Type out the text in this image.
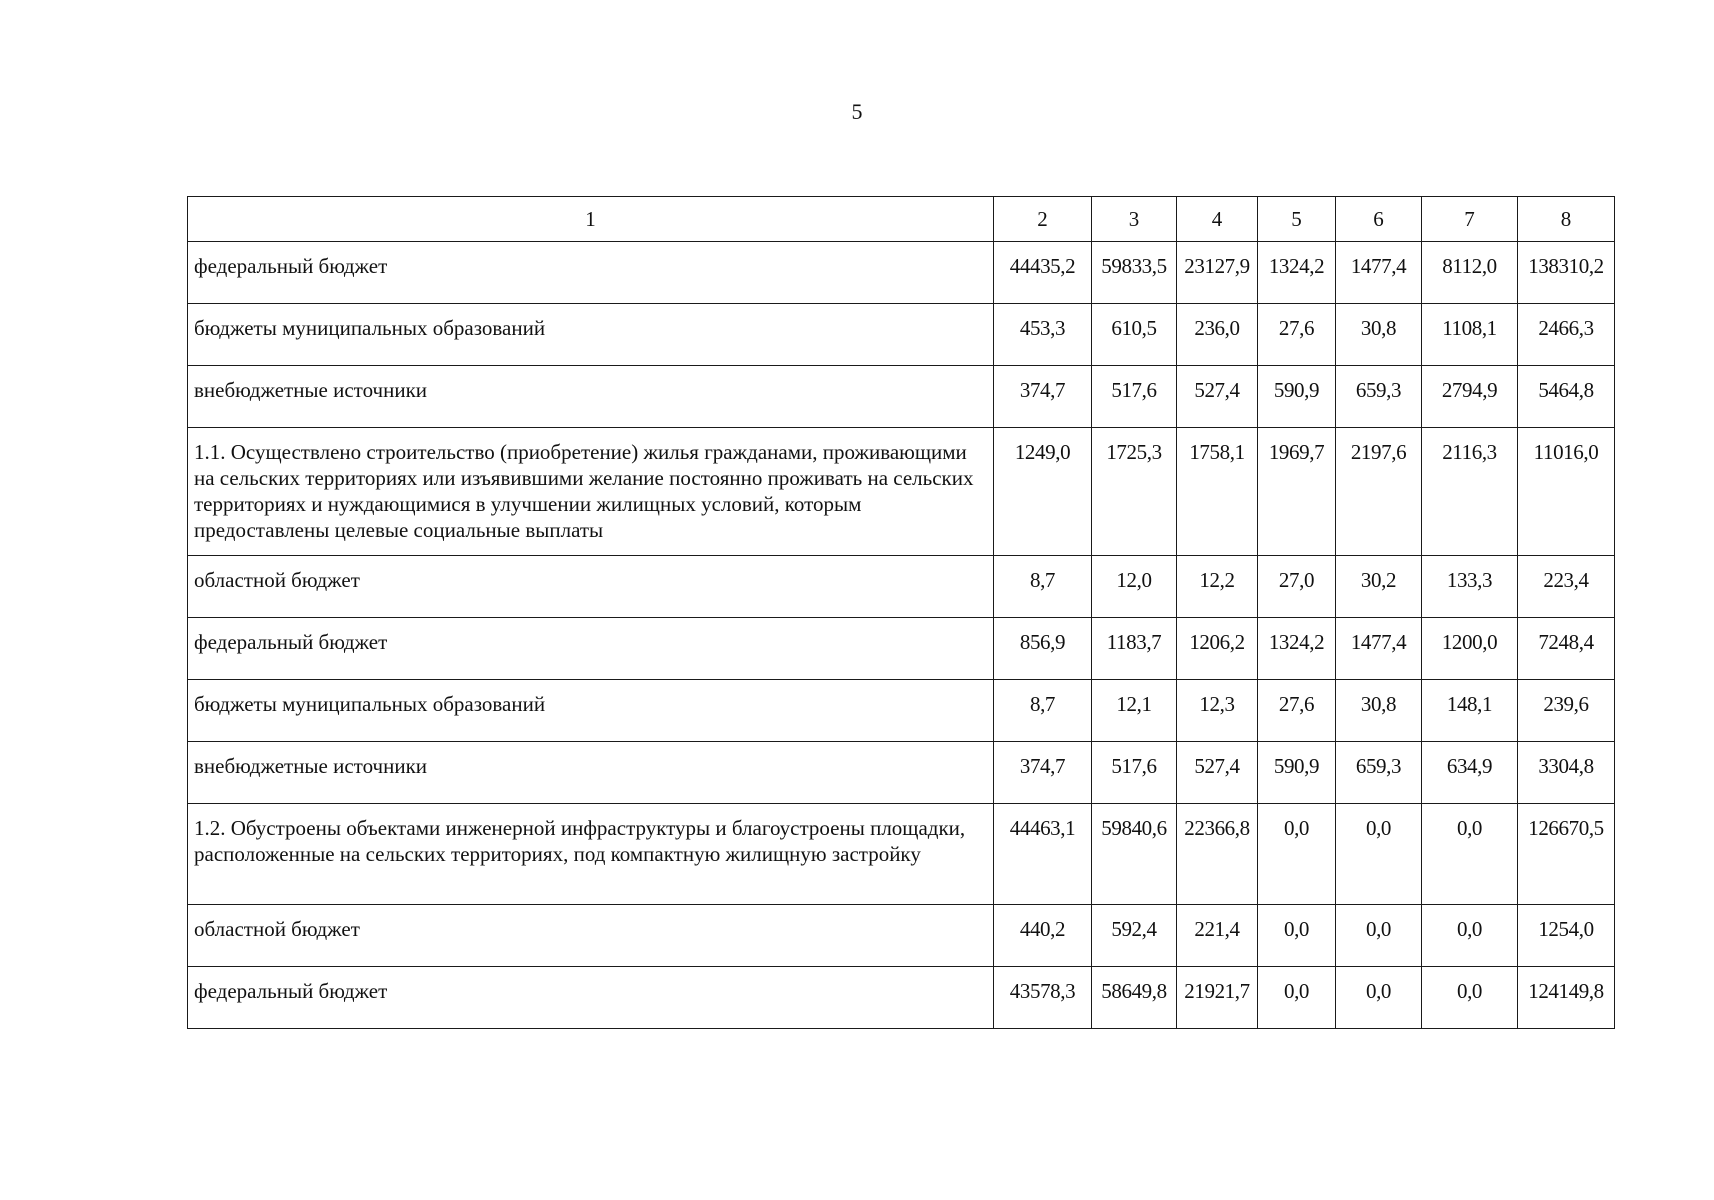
5
1	2	3	4	5	6	7	8
федеральный бюджет	44435,2	59833,5	23127,9	1324,2	1477,4	8112,0	138310,2
бюджеты муниципальных образований	453,3	610,5	236,0	27,6	30,8	1108,1	2466,3
внебюджетные источники	374,7	517,6	527,4	590,9	659,3	2794,9	5464,8
1.1. Осуществлено строительство (приобретение) жилья гражданами, проживающими на сельских территориях или изъявившими желание постоянно проживать на сельских территориях и нуждающимися в улучшении жилищных условий, которым предоставлены целевые социальные выплаты	1249,0	1725,3	1758,1	1969,7	2197,6	2116,3	11016,0
областной бюджет	8,7	12,0	12,2	27,0	30,2	133,3	223,4
федеральный бюджет	856,9	1183,7	1206,2	1324,2	1477,4	1200,0	7248,4
бюджеты муниципальных образований	8,7	12,1	12,3	27,6	30,8	148,1	239,6
внебюджетные источники	374,7	517,6	527,4	590,9	659,3	634,9	3304,8
1.2. Обустроены объектами инженерной инфраструктуры и благоустроены площадки, расположенные на сельских территориях, под компактную жилищную застройку	44463,1	59840,6	22366,8	0,0	0,0	0,0	126670,5
областной бюджет	440,2	592,4	221,4	0,0	0,0	0,0	1254,0
федеральный бюджет	43578,3	58649,8	21921,7	0,0	0,0	0,0	124149,8
